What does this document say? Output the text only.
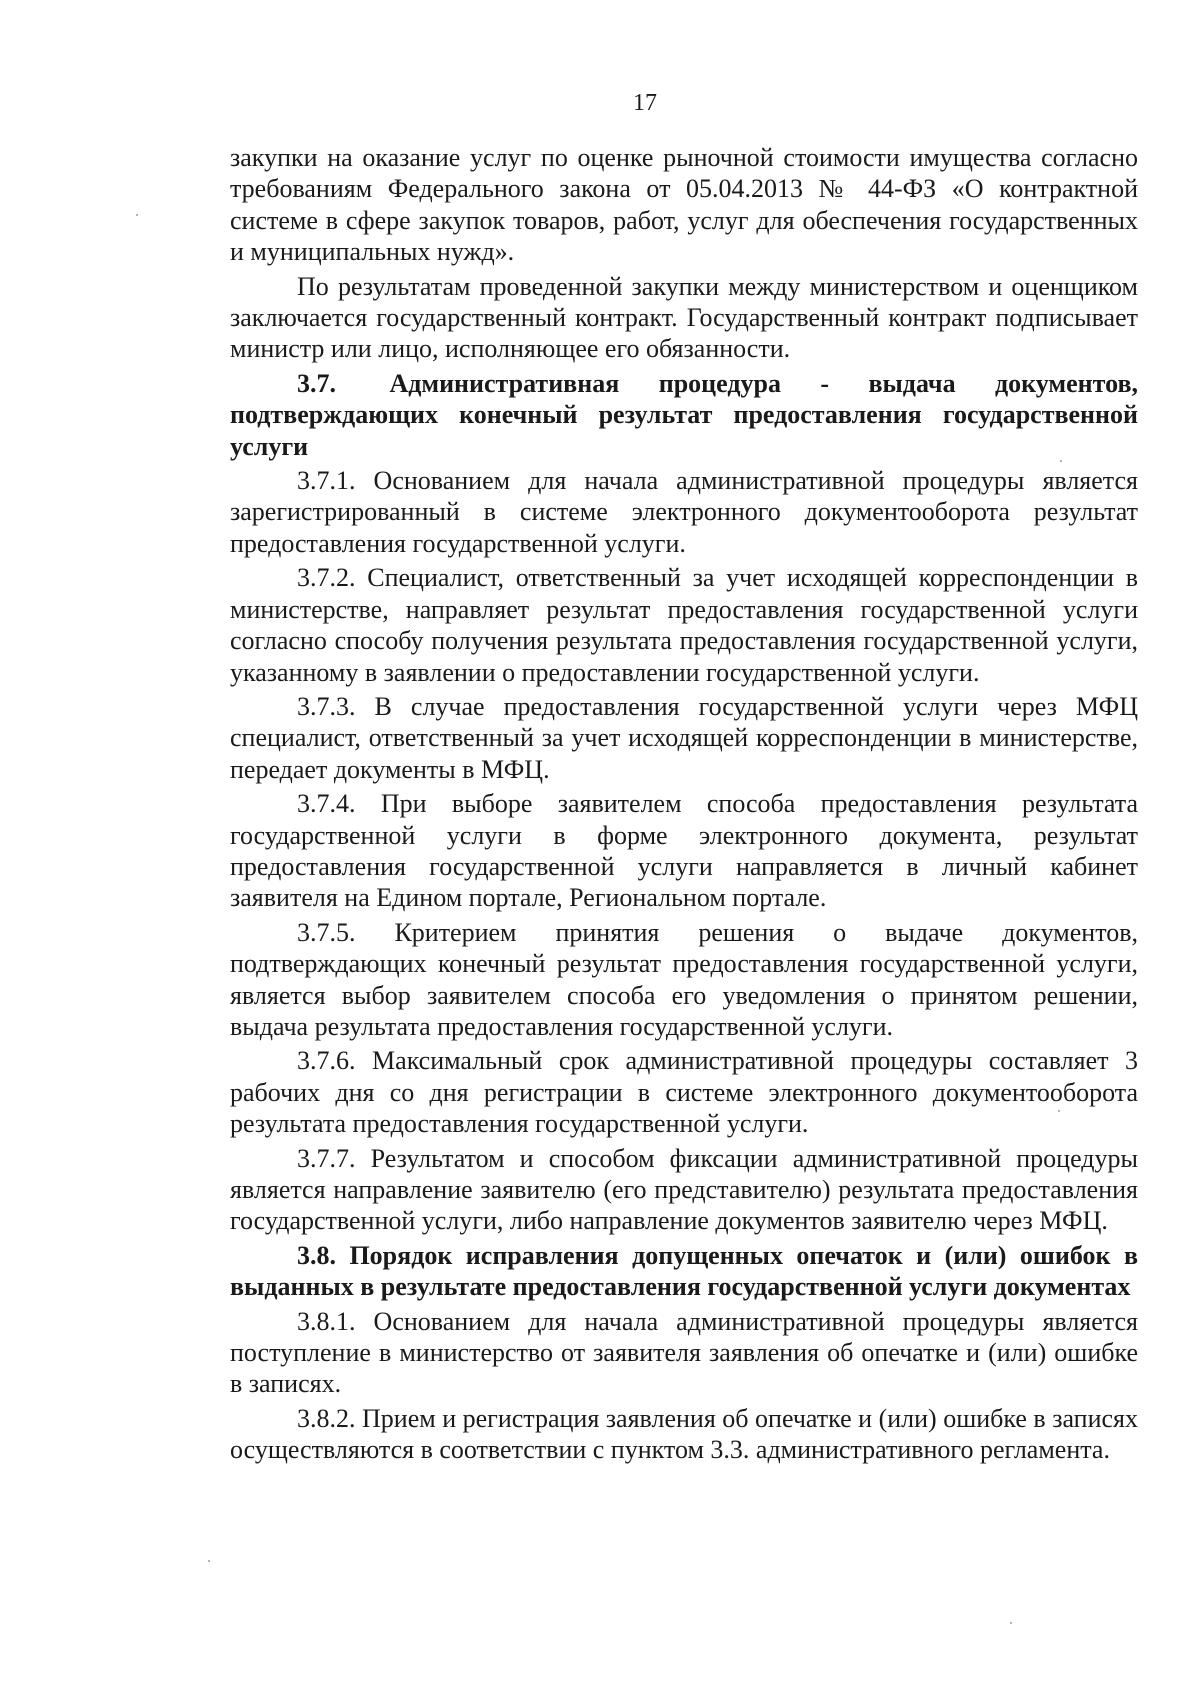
17

закупки на оказание услуг по оценке рыночной стоимости имущества согласно требованиям Федерального закона от 05.04.2013 № 44-ФЗ «О контрактной системе в сфере закупок товаров, работ, услуг для обеспечения государственных и муниципальных нужд».

По результатам проведенной закупки между министерством и оценщиком заключается государственный контракт. Государственный контракт подписывает министр или лицо, исполняющее его обязанности.

3.7. Административная процедура - выдача документов, подтверждающих конечный результат предоставления государственной услуги

3.7.1. Основанием для начала административной процедуры является зарегистрированный в системе электронного документооборота результат предоставления государственной услуги.

3.7.2. Специалист, ответственный за учет исходящей корреспонденции в министерстве, направляет результат предоставления государственной услуги согласно способу получения результата предоставления государственной услуги, указанному в заявлении о предоставлении государственной услуги.

3.7.3. В случае предоставления государственной услуги через МФЦ специалист, ответственный за учет исходящей корреспонденции в министерстве, передает документы в МФЦ.

3.7.4. При выборе заявителем способа предоставления результата государственной услуги в форме электронного документа, результат предоставления государственной услуги направляется в личный кабинет заявителя на Едином портале, Региональном портале.

3.7.5. Критерием принятия решения о выдаче документов, подтверждающих конечный результат предоставления государственной услуги, является выбор заявителем способа его уведомления о принятом решении, выдача результата предоставления государственной услуги.

3.7.6. Максимальный срок административной процедуры составляет 3 рабочих дня со дня регистрации в системе электронного документооборота результата предоставления государственной услуги.

3.7.7. Результатом и способом фиксации административной процедуры является направление заявителю (его представителю) результата предоставления государственной услуги, либо направление документов заявителю через МФЦ.

3.8. Порядок исправления допущенных опечаток и (или) ошибок в выданных в результате предоставления государственной услуги документах

3.8.1. Основанием для начала административной процедуры является поступление в министерство от заявителя заявления об опечатке и (или) ошибке в записях.

3.8.2. Прием и регистрация заявления об опечатке и (или) ошибке в записях осуществляются в соответствии с пунктом 3.3. административного регламента.
